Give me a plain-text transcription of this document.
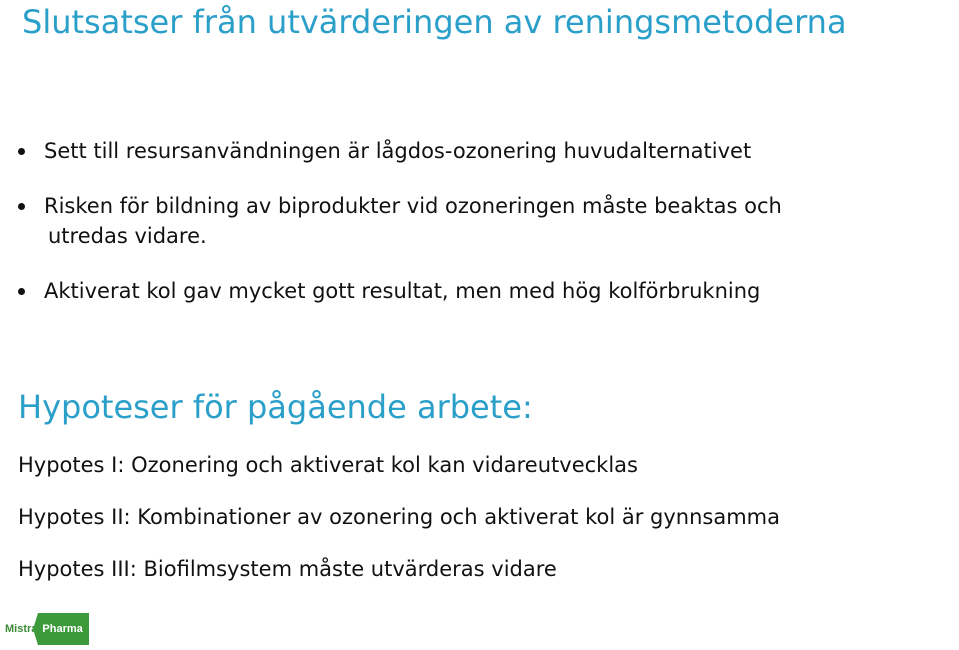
Slutsatser från utvärderingen av reningsmetoderna
Sett till resursanvändningen är lågdos-ozonering huvudalternativet
Risken för bildning av biprodukter vid ozoneringen måste beaktas och
utredas vidare.
Aktiverat kol gav mycket gott resultat, men med hög kolförbrukning
Hypoteser för pågående arbete:
Hypotes I: Ozonering och aktiverat kol kan vidareutvecklas
Hypotes II: Kombinationer av ozonering och aktiverat kol är gynnsamma
Hypotes III: Biofilmsystem måste utvärderas vidare
Mistra Pharma
